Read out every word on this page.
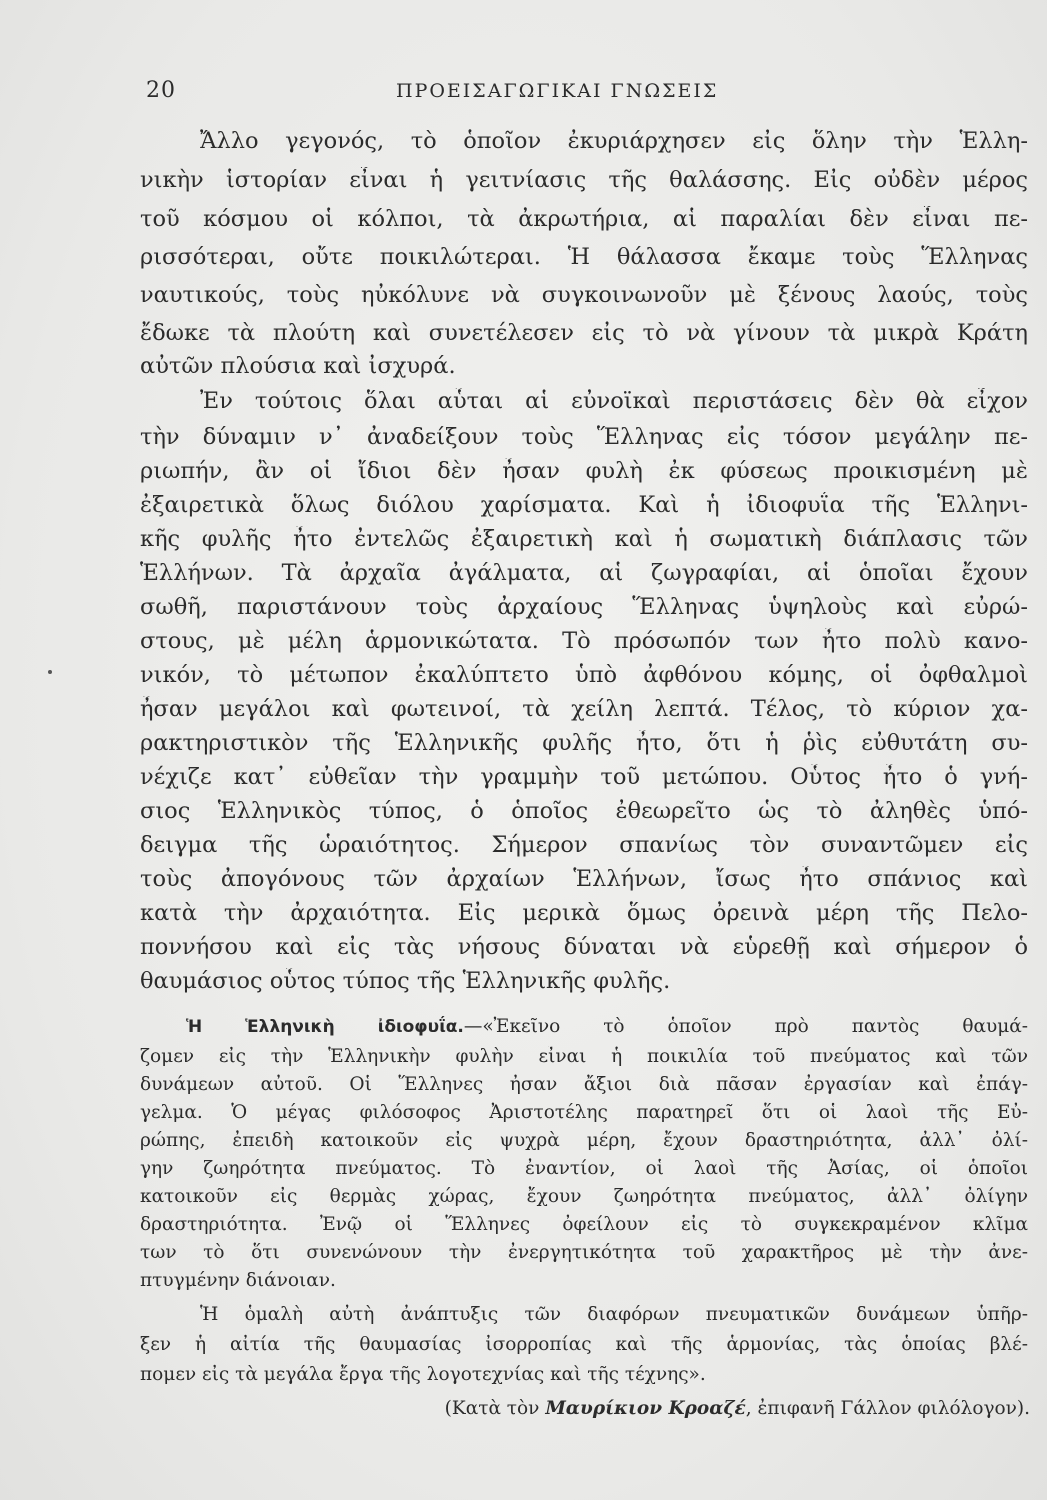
20	ΠΡΟΕΙΣΑΓΩΓΙΚΑΙ ΓΝΩΣΕΙΣ
Ἄλλο γεγονός, τὸ ὁποῖον ἐκυριάρχησεν εἰς ὅλην τὴν Ἑλλη-
νικὴν ἱστορίαν εἶναι ἡ γειτνίασις τῆς θαλάσσης. Εἰς οὐδὲν μέρος
τοῦ κόσμου οἱ κόλποι, τὰ ἀκρωτήρια, αἱ παραλίαι δὲν εἶναι πε-
ρισσότεραι, οὔτε ποικιλώτεραι. Ἡ θάλασσα ἔκαμε τοὺς Ἕλληνας
ναυτικούς, τοὺς ηὐκόλυνε νὰ συγκοινωνοῦν μὲ ξένους λαούς, τοὺς
ἔδωκε τὰ πλούτη καὶ συνετέλεσεν εἰς τὸ νὰ γίνουν τὰ μικρὰ Κράτη
αὐτῶν πλούσια καὶ ἰσχυρά.
Ἐν τούτοις ὅλαι αὗται αἱ εὐνοϊκαὶ περιστάσεις δὲν θὰ εἶχον
τὴν δύναμιν ν᾽ ἀναδείξουν τοὺς Ἕλληνας εἰς τόσον μεγάλην πε-
ριωπήν, ἂν οἱ ἴδιοι δὲν ἦσαν φυλὴ ἐκ φύσεως προικισμένη μὲ
ἐξαιρετικὰ ὅλως διόλου χαρίσματα. Καὶ ἡ ἰδιοφυΐα τῆς Ἑλληνι-
κῆς φυλῆς ἦτο ἐντελῶς ἐξαιρετικὴ καὶ ἡ σωματικὴ διάπλασις τῶν
Ἑλλήνων. Τὰ ἀρχαῖα ἀγάλματα, αἱ ζωγραφίαι, αἱ ὁποῖαι ἔχουν
σωθῆ, παριστάνουν τοὺς ἀρχαίους Ἕλληνας ὑψηλοὺς καὶ εὐρώ-
στους, μὲ μέλη ἁρμονικώτατα. Τὸ πρόσωπόν των ἦτο πολὺ κανο-
νικόν, τὸ μέτωπον ἐκαλύπτετο ὑπὸ ἀφθόνου κόμης, οἱ ὀφθαλμοὶ
ἦσαν μεγάλοι καὶ φωτεινοί, τὰ χείλη λεπτά. Τέλος, τὸ κύριον χα-
ρακτηριστικὸν τῆς Ἑλληνικῆς φυλῆς ἦτο, ὅτι ἡ ῥὶς εὐθυτάτη συ-
νέχιζε κατ᾽ εὐθεῖαν τὴν γραμμὴν τοῦ μετώπου. Οὗτος ἦτο ὁ γνή-
σιος Ἑλληνικὸς τύπος, ὁ ὁποῖος ἐθεωρεῖτο ὡς τὸ ἀληθὲς ὑπό-
δειγμα τῆς ὡραιότητος. Σήμερον σπανίως τὸν συναντῶμεν εἰς
τοὺς ἀπογόνους τῶν ἀρχαίων Ἑλλήνων, ἴσως ἦτο σπάνιος καὶ
κατὰ τὴν ἀρχαιότητα. Εἰς μερικὰ ὅμως ὀρεινὰ μέρη τῆς Πελο-
ποννήσου καὶ εἰς τὰς νήσους δύναται νὰ εὑρεθῇ καὶ σήμερον ὁ
θαυμάσιος οὗτος τύπος τῆς Ἑλληνικῆς φυλῆς.
Ἡ Ἑλληνικὴ ἰδιοφυΐα.—«Ἐκεῖνο τὸ ὁποῖον πρὸ παντὸς θαυμά-
ζομεν εἰς τὴν Ἑλληνικὴν φυλὴν εἶναι ἡ ποικιλία τοῦ πνεύματος καὶ τῶν
δυνάμεων αὐτοῦ. Οἱ Ἕλληνες ἦσαν ἄξιοι διὰ πᾶσαν ἐργασίαν καὶ ἐπάγ-
γελμα. Ὁ μέγας φιλόσοφος Ἀριστοτέλης παρατηρεῖ ὅτι οἱ λαοὶ τῆς Εὐ-
ρώπης, ἐπειδὴ κατοικοῦν εἰς ψυχρὰ μέρη, ἔχουν δραστηριότητα, ἀλλ᾽ ὀλί-
γην ζωηρότητα πνεύματος. Τὸ ἐναντίον, οἱ λαοὶ τῆς Ἀσίας, οἱ ὁποῖοι
κατοικοῦν εἰς θερμὰς χώρας, ἔχουν ζωηρότητα πνεύματος, ἀλλ᾽ ὀλίγην
δραστηριότητα. Ἐνῷ οἱ Ἕλληνες ὀφείλουν εἰς τὸ συγκεκραμένον κλῖμα
των τὸ ὅτι συνενώνουν τὴν ἐνεργητικότητα τοῦ χαρακτῆρος μὲ τὴν ἀνε-
πτυγμένην διάνοιαν.
Ἡ ὁμαλὴ αὐτὴ ἀνάπτυξις τῶν διαφόρων πνευματικῶν δυνάμεων ὑπῆρ-
ξεν ἡ αἰτία τῆς θαυμασίας ἰσορροπίας καὶ τῆς ἁρμονίας, τὰς ὁποίας βλέ-
πομεν εἰς τὰ μεγάλα ἔργα τῆς λογοτεχνίας καὶ τῆς τέχνης».
(Κατὰ τὸν Μαυρίκιον Κροαζέ, ἐπιφανῆ Γάλλον φιλόλογον).
